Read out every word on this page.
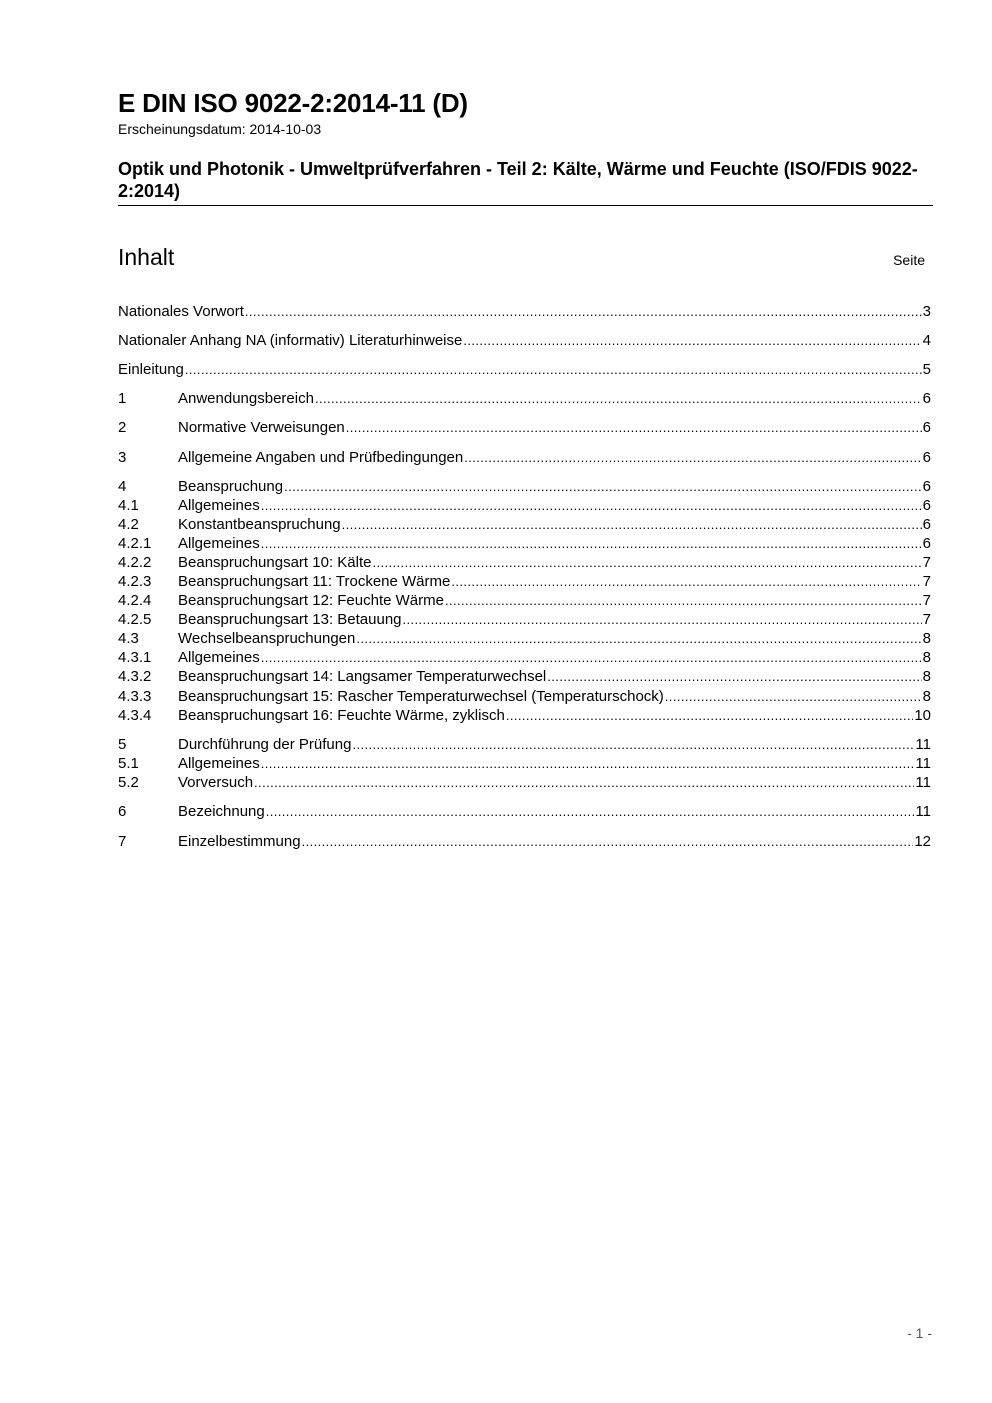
E DIN ISO 9022-2:2014-11 (D)
Erscheinungsdatum: 2014-10-03
Optik und Photonik - Umweltprüfverfahren - Teil 2: Kälte, Wärme und Feuchte (ISO/FDIS 9022-2:2014)
Inhalt	Seite
Nationales Vorwort .....	3
Nationaler Anhang NA (informativ) Literaturhinweise .....	4
Einleitung .....	5
1	Anwendungsbereich .....	6
2	Normative Verweisungen .....	6
3	Allgemeine Angaben und Prüfbedingungen .....	6
4	Beanspruchung .....	6
4.1	Allgemeines .....	6
4.2	Konstantbeanspruchung .....	6
4.2.1	Allgemeines .....	6
4.2.2	Beanspruchungsart 10: Kälte .....	7
4.2.3	Beanspruchungsart 11: Trockene Wärme .....	7
4.2.4	Beanspruchungsart 12: Feuchte Wärme .....	7
4.2.5	Beanspruchungsart 13: Betauung .....	7
4.3	Wechselbeanspruchungen .....	8
4.3.1	Allgemeines .....	8
4.3.2	Beanspruchungsart 14: Langsamer Temperaturwechsel .....	8
4.3.3	Beanspruchungsart 15: Rascher Temperaturwechsel (Temperaturschock) .....	8
4.3.4	Beanspruchungsart 16: Feuchte Wärme, zyklisch .....	10
5	Durchführung der Prüfung .....	11
5.1	Allgemeines .....	11
5.2	Vorversuch .....	11
6	Bezeichnung .....	11
7	Einzelbestimmung .....	12
- 1 -
